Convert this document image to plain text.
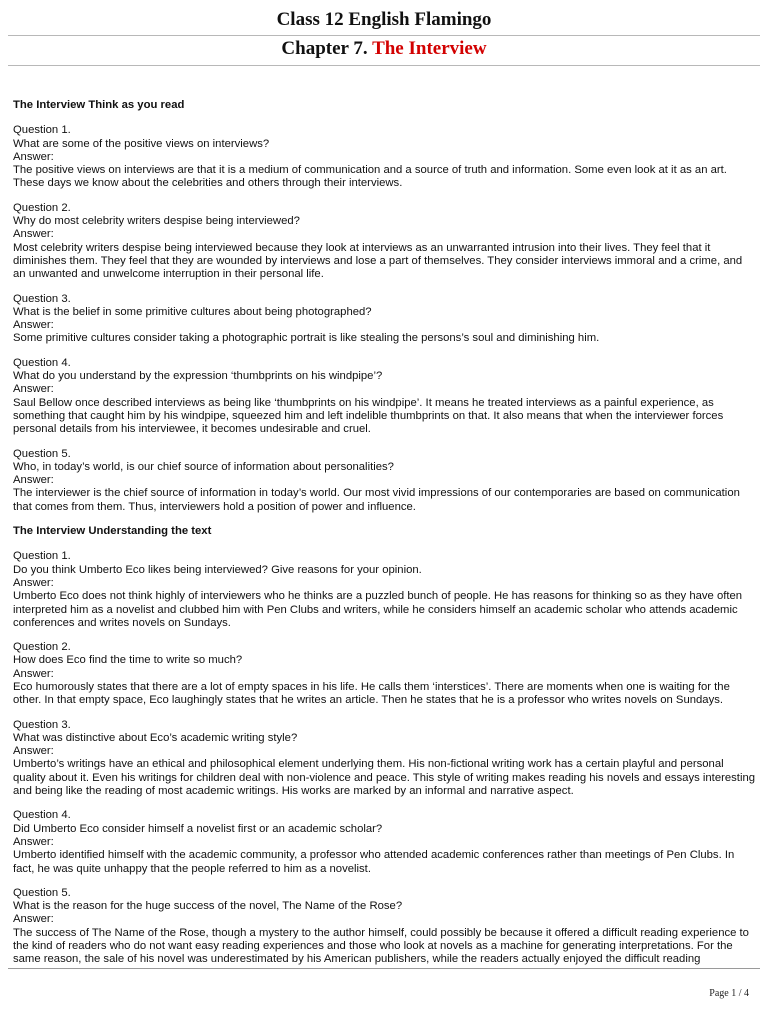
Class 12 English Flamingo
Chapter 7. The Interview

The Interview Think as you read

Question 1.

What are some of the positive views on interviews?

Answer:

The positive views on interviews are that it is a medium of communication and a source of truth and information. Some even look at it as an art. These days we know about the celebrities and others through their interviews.

Question 2.

Why do most celebrity writers despise being interviewed?

Answer:

Most celebrity writers despise being interviewed because they look at interviews as an unwarranted intrusion into their lives. They feel that it diminishes them. They feel that they are wounded by interviews and lose a part of themselves. They consider interviews immoral and a crime, and an unwanted and unwelcome interruption in their personal life.

Question 3.

What is the belief in some primitive cultures about being photographed?

Answer:

Some primitive cultures consider taking a photographic portrait is like stealing the persons’s soul and diminishing him.

Question 4.

What do you understand by the expression ‘thumbprints on his windpipe’?

Answer:

Saul Bellow once described interviews as being like ‘thumbprints on his windpipe’. It means he treated interviews as a painful experience, as something that caught him by his windpipe, squeezed him and left indelible thumbprints on that. It also means that when the interviewer forces personal details from his interviewee, it becomes undesirable and cruel.

Question 5.

Who, in today’s world, is our chief source of information about personalities?

Answer:

The interviewer is the chief source of information in today’s world. Our most vivid impressions of our contemporaries are based on communication that comes from them. Thus, interviewers hold a position of power and influence.

The Interview Understanding the text

Question 1.

Do you think Umberto Eco likes being interviewed? Give reasons for your opinion.

Answer:

Umberto Eco does not think highly of interviewers who he thinks are a puzzled bunch of people. He has reasons for thinking so as they have often interpreted him as a novelist and clubbed him with Pen Clubs and writers, while he considers himself an academic scholar who attends academic conferences and writes novels on Sundays.

Question 2.

How does Eco find the time to write so much?

Answer:

Eco humorously states that there are a lot of empty spaces in his life. He calls them ‘interstices’. There are moments when one is waiting for the other. In that empty space, Eco laughingly states that he writes an article. Then he states that he is a professor who writes novels on Sundays.

Question 3.

What was distinctive about Eco’s academic writing style?

Answer:

Umberto’s writings have an ethical and philosophical element underlying them. His non-fictional writing work has a certain playful and personal quality about it. Even his writings for children deal with non-violence and peace. This style of writing makes reading his novels and essays interesting and being like the reading of most academic writings. His works are marked by an informal and narrative aspect.

Question 4.

Did Umberto Eco consider himself a novelist first or an academic scholar?

Answer:

Umberto identified himself with the academic community, a professor who attended academic conferences rather than meetings of Pen Clubs. In fact, he was quite unhappy that the people referred to him as a novelist.

Question 5.

What is the reason for the huge success of the novel, The Name of the Rose?

Answer:

The success of The Name of the Rose, though a mystery to the author himself, could possibly be because it offered a difficult reading experience to the kind of readers who do not want easy reading experiences and those who look at novels as a machine for generating interpretations. For the same reason, the sale of his novel was underestimated by his American publishers, while the readers actually enjoyed the difficult reading

Page 1 / 4
